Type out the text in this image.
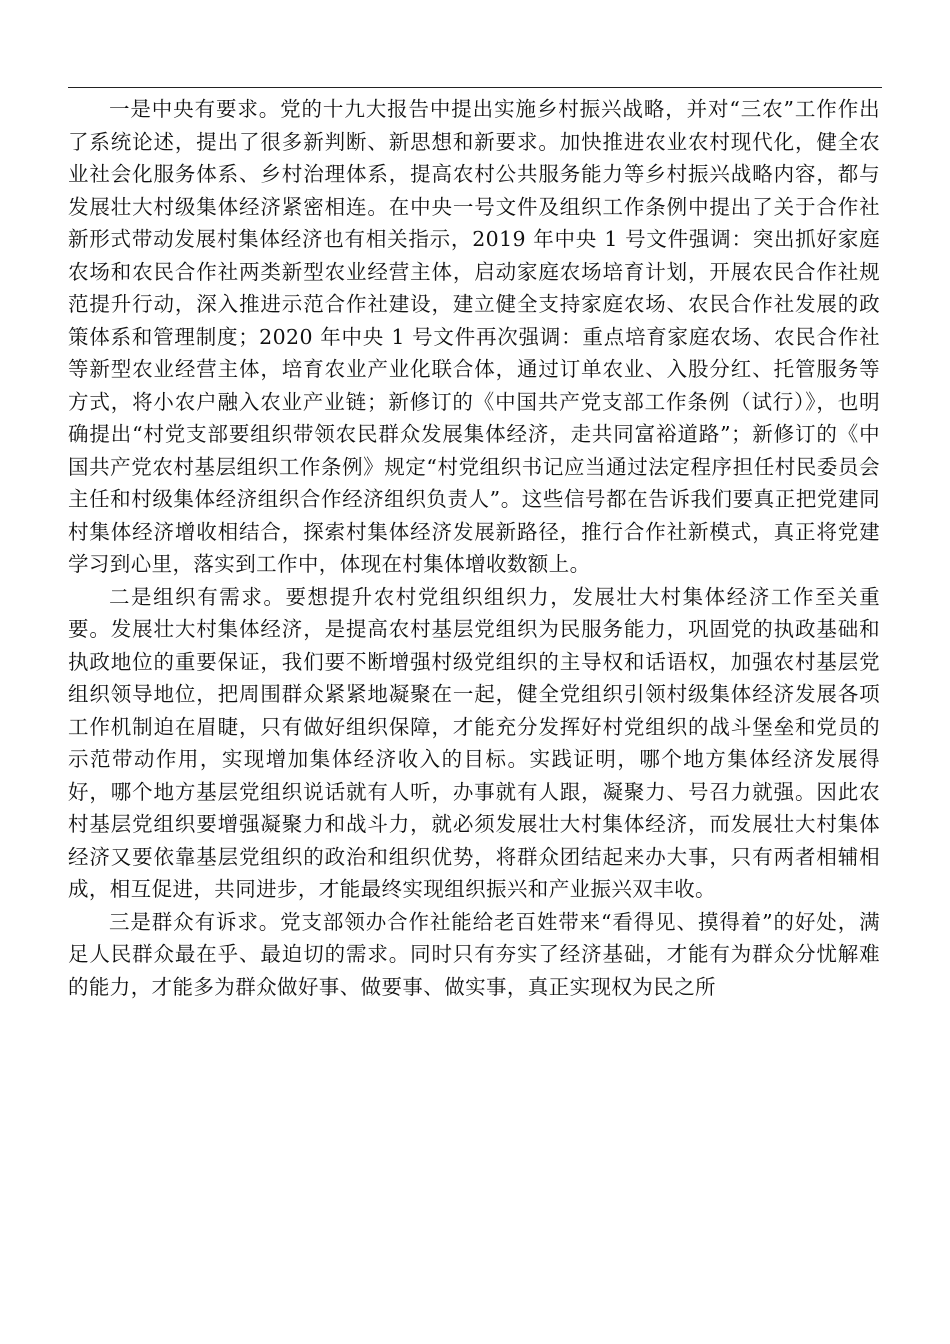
一是中央有要求。党的十九大报告中提出实施乡村振兴战略，并对“三农”工作作出了系统论述，提出了很多新判断、新思想和新要求。加快推进农业农村现代化，健全农业社会化服务体系、乡村治理体系，提高农村公共服务能力等乡村振兴战略内容，都与发展壮大村级集体经济紧密相连。在中央一号文件及组织工作条例中提出了关于合作社新形式带动发展村集体经济也有相关指示，2019 年中央 1 号文件强调：突出抓好家庭农场和农民合作社两类新型农业经营主体，启动家庭农场培育计划，开展农民合作社规范提升行动，深入推进示范合作社建设，建立健全支持家庭农场、农民合作社发展的政策体系和管理制度；2020 年中央 1 号文件再次强调：重点培育家庭农场、农民合作社等新型农业经营主体，培育农业产业化联合体，通过订单农业、入股分红、托管服务等方式，将小农户融入农业产业链；新修订的《中国共产党支部工作条例（试行）》，也明确提出“村党支部要组织带领农民群众发展集体经济，走共同富裕道路”；新修订的《中国共产党农村基层组织工作条例》规定“村党组织书记应当通过法定程序担任村民委员会主任和村级集体经济组织合作经济组织负责人”。这些信号都在告诉我们要真正把党建同村集体经济增收相结合，探索村集体经济发展新路径，推行合作社新模式，真正将党建学习到心里，落实到工作中，体现在村集体增收数额上。

二是组织有需求。要想提升农村党组织组织力，发展壮大村集体经济工作至关重要。发展壮大村集体经济，是提高农村基层党组织为民服务能力，巩固党的执政基础和执政地位的重要保证，我们要不断增强村级党组织的主导权和话语权，加强农村基层党组织领导地位，把周围群众紧紧地凝聚在一起，健全党组织引领村级集体经济发展各项工作机制迫在眉睫，只有做好组织保障，才能充分发挥好村党组织的战斗堡垒和党员的示范带动作用，实现增加集体经济收入的目标。实践证明，哪个地方集体经济发展得好，哪个地方基层党组织说话就有人听，办事就有人跟，凝聚力、号召力就强。因此农村基层党组织要增强凝聚力和战斗力，就必须发展壮大村集体经济，而发展壮大村集体经济又要依靠基层党组织的政治和组织优势，将群众团结起来办大事，只有两者相辅相成，相互促进，共同进步，才能最终实现组织振兴和产业振兴双丰收。

三是群众有诉求。党支部领办合作社能给老百姓带来“看得见、摸得着”的好处，满足人民群众最在乎、最迫切的需求。同时只有夯实了经济基础，才能有为群众分忧解难的能力，才能多为群众做好事、做要事、做实事，真正实现权为民之所
